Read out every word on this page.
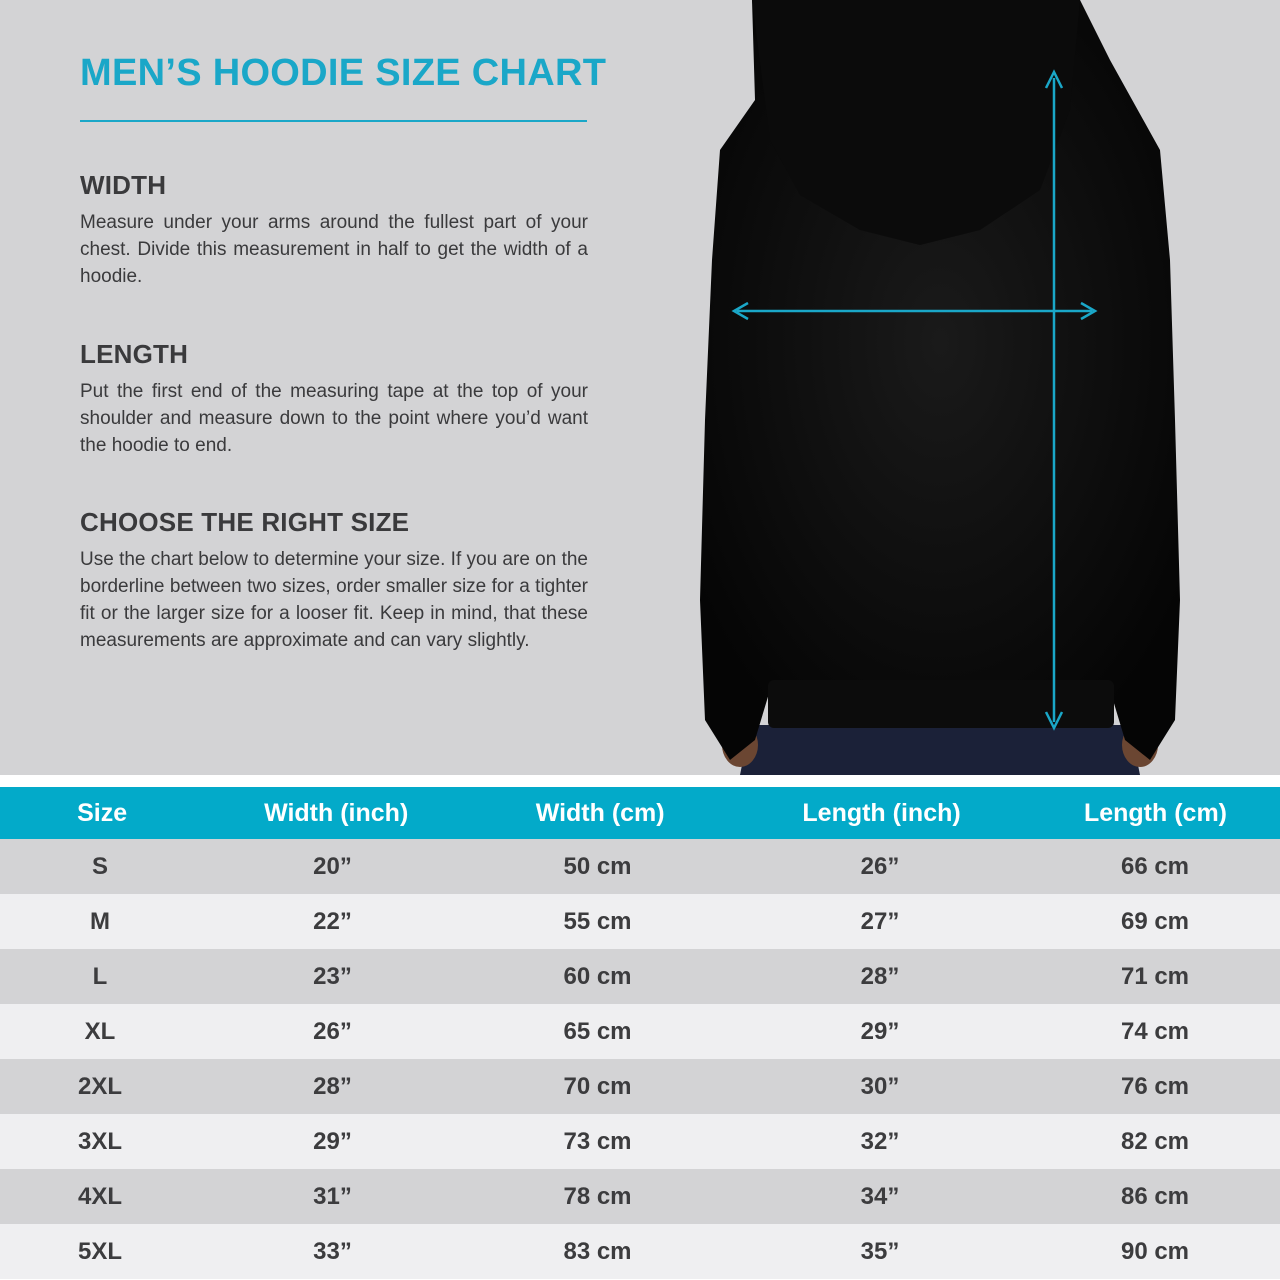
MEN’S HOODIE SIZE CHART
WIDTH

Measure under your arms around the fullest part of your chest. Divide this measurement in half to get the width of a hoodie.

LENGTH

Put the first end of the measuring tape at the top of your shoulder and measure down to the point where you’d want the hoodie to end.

CHOOSE THE RIGHT SIZE

Use the chart below to determine your size. If you are on the borderline between two sizes, order smaller size for a tighter fit or the larger size for a looser fit. Keep in mind, that these measurements are approximate and can vary slightly.

Size	Width (inch)	Width (cm)	Length (inch)	Length (cm)
S	20”	50 cm	26”	66 cm
M	22”	55 cm	27”	69 cm
L	23”	60 cm	28”	71 cm
XL	26”	65 cm	29”	74 cm
2XL	28”	70 cm	30”	76 cm
3XL	29”	73 cm	32”	82 cm
4XL	31”	78 cm	34”	86 cm
5XL	33”	83 cm	35”	90 cm
